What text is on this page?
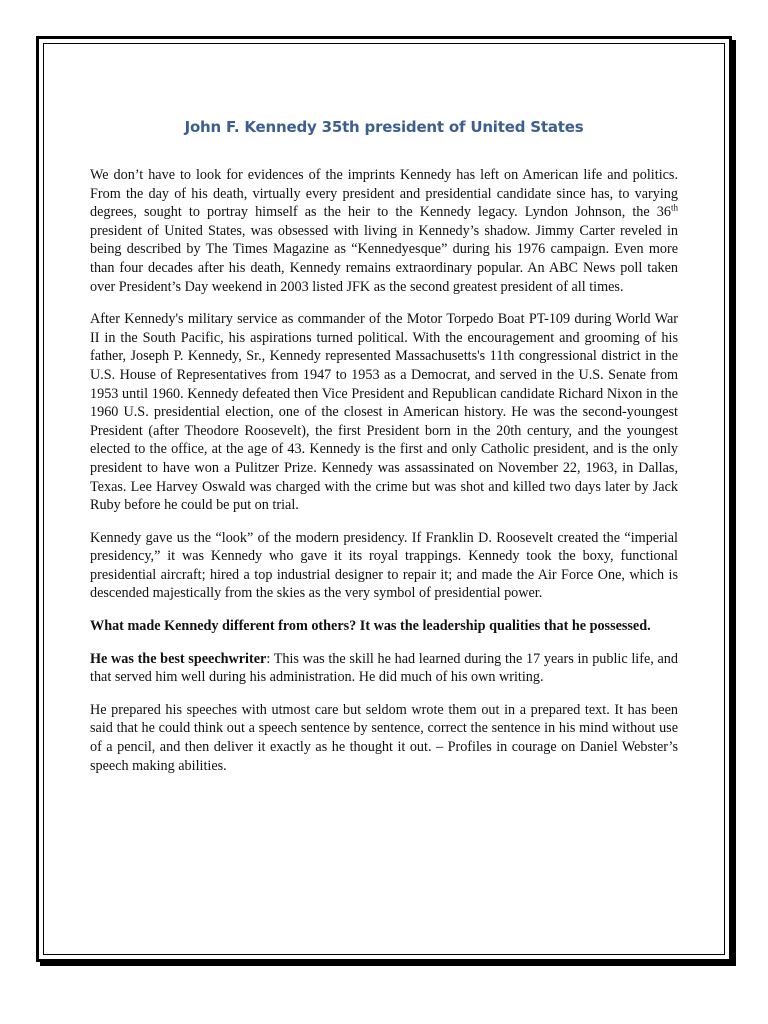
John F. Kennedy 35th president of United States

We don’t have to look for evidences of the imprints Kennedy has left on American life and politics. From the day of his death, virtually every president and presidential candidate since has, to varying degrees, sought to portray himself as the heir to the Kennedy legacy. Lyndon Johnson, the 36th president of United States, was obsessed with living in Kennedy’s shadow. Jimmy Carter reveled in being described by The Times Magazine as “Kennedyesque” during his 1976 campaign. Even more than four decades after his death, Kennedy remains extraordinary popular. An ABC News poll taken over President’s Day weekend in 2003 listed JFK as the second greatest president of all times.

After Kennedy's military service as commander of the Motor Torpedo Boat PT-109 during World War II in the South Pacific, his aspirations turned political. With the encouragement and grooming of his father, Joseph P. Kennedy, Sr., Kennedy represented Massachusetts's 11th congressional district in the U.S. House of Representatives from 1947 to 1953 as a Democrat, and served in the U.S. Senate from 1953 until 1960. Kennedy defeated then Vice President and Republican candidate Richard Nixon in the 1960 U.S. presidential election, one of the closest in American history. He was the second-youngest President (after Theodore Roosevelt), the first President born in the 20th century, and the youngest elected to the office, at the age of 43. Kennedy is the first and only Catholic president, and is the only president to have won a Pulitzer Prize. Kennedy was assassinated on November 22, 1963, in Dallas, Texas. Lee Harvey Oswald was charged with the crime but was shot and killed two days later by Jack Ruby before he could be put on trial.

Kennedy gave us the “look” of the modern presidency. If Franklin D. Roosevelt created the “imperial presidency,” it was Kennedy who gave it its royal trappings. Kennedy took the boxy, functional presidential aircraft; hired a top industrial designer to repair it; and made the Air Force One, which is descended majestically from the skies as the very symbol of presidential power.

What made Kennedy different from others? It was the leadership qualities that he possessed.

He was the best speechwriter: This was the skill he had learned during the 17 years in public life, and that served him well during his administration. He did much of his own writing.

He prepared his speeches with utmost care but seldom wrote them out in a prepared text. It has been said that he could think out a speech sentence by sentence, correct the sentence in his mind without use of a pencil, and then deliver it exactly as he thought it out. – Profiles in courage on Daniel Webster’s speech making abilities.
